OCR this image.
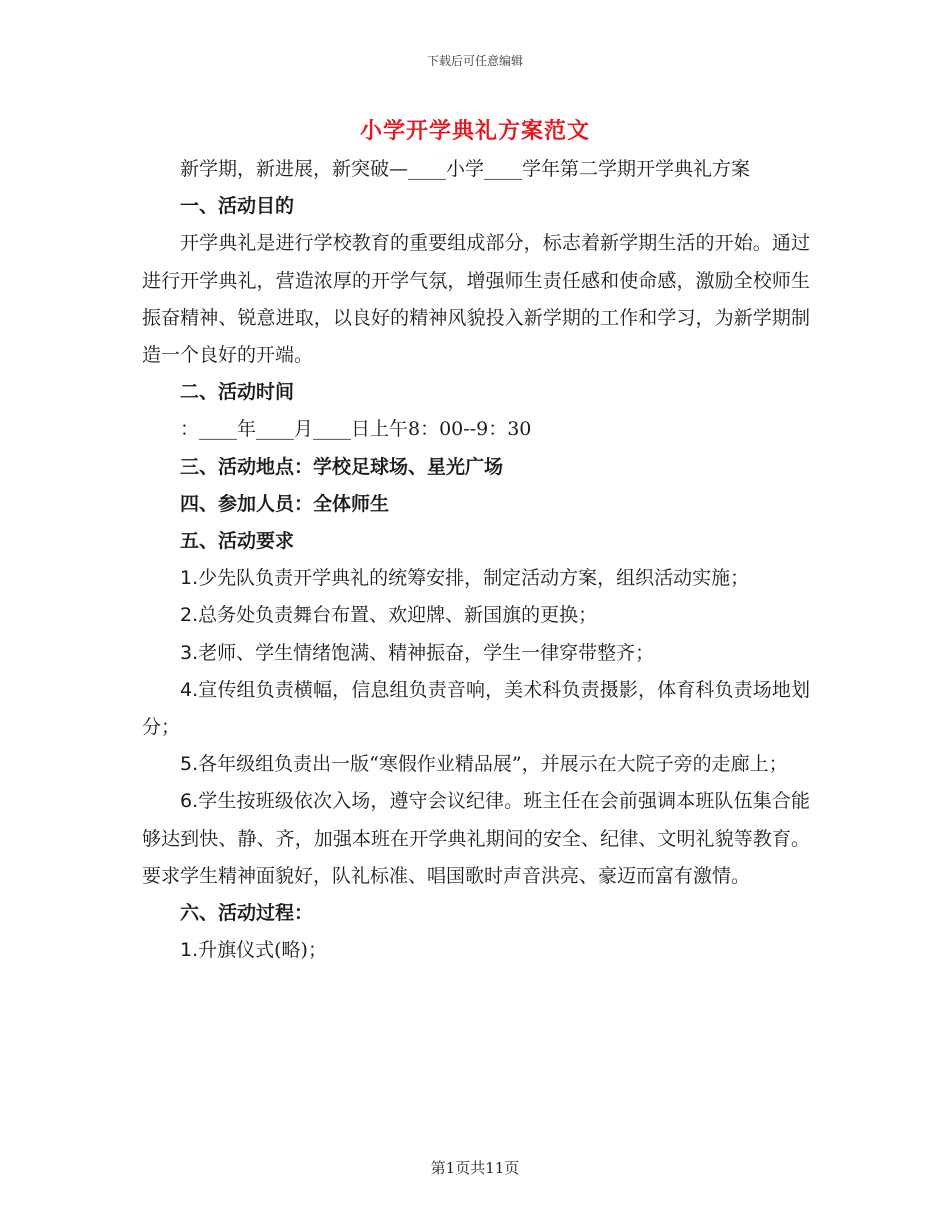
下载后可任意编辑
小学开学典礼方案范文

新学期，新进展，新突破—____小学____学年第二学期开学典礼方案

一、活动目的

开学典礼是进行学校教育的重要组成部分，标志着新学期生活的开始。通过进行开学典礼，营造浓厚的开学气氛，增强师生责任感和使命感，激励全校师生振奋精神、锐意进取，以良好的精神风貌投入新学期的工作和学习，为新学期制造一个良好的开端。

二、活动时间

：____年____月____日上午8：00--9：30

三、活动地点：学校足球场、星光广场

四、参加人员：全体师生

五、活动要求

1.少先队负责开学典礼的统筹安排，制定活动方案，组织活动实施；

2.总务处负责舞台布置、欢迎牌、新国旗的更换；

3.老师、学生情绪饱满、精神振奋，学生一律穿带整齐；

4.宣传组负责横幅，信息组负责音响，美术科负责摄影，体育科负责场地划分；

5.各年级组负责出一版“寒假作业精品展”，并展示在大院子旁的走廊上；

6.学生按班级依次入场，遵守会议纪律。班主任在会前强调本班队伍集合能够达到快、静、齐，加强本班在开学典礼期间的安全、纪律、文明礼貌等教育。要求学生精神面貌好，队礼标准、唱国歌时声音洪亮、豪迈而富有激情。

六、活动过程：

1.升旗仪式(略)；

第1页共11页
